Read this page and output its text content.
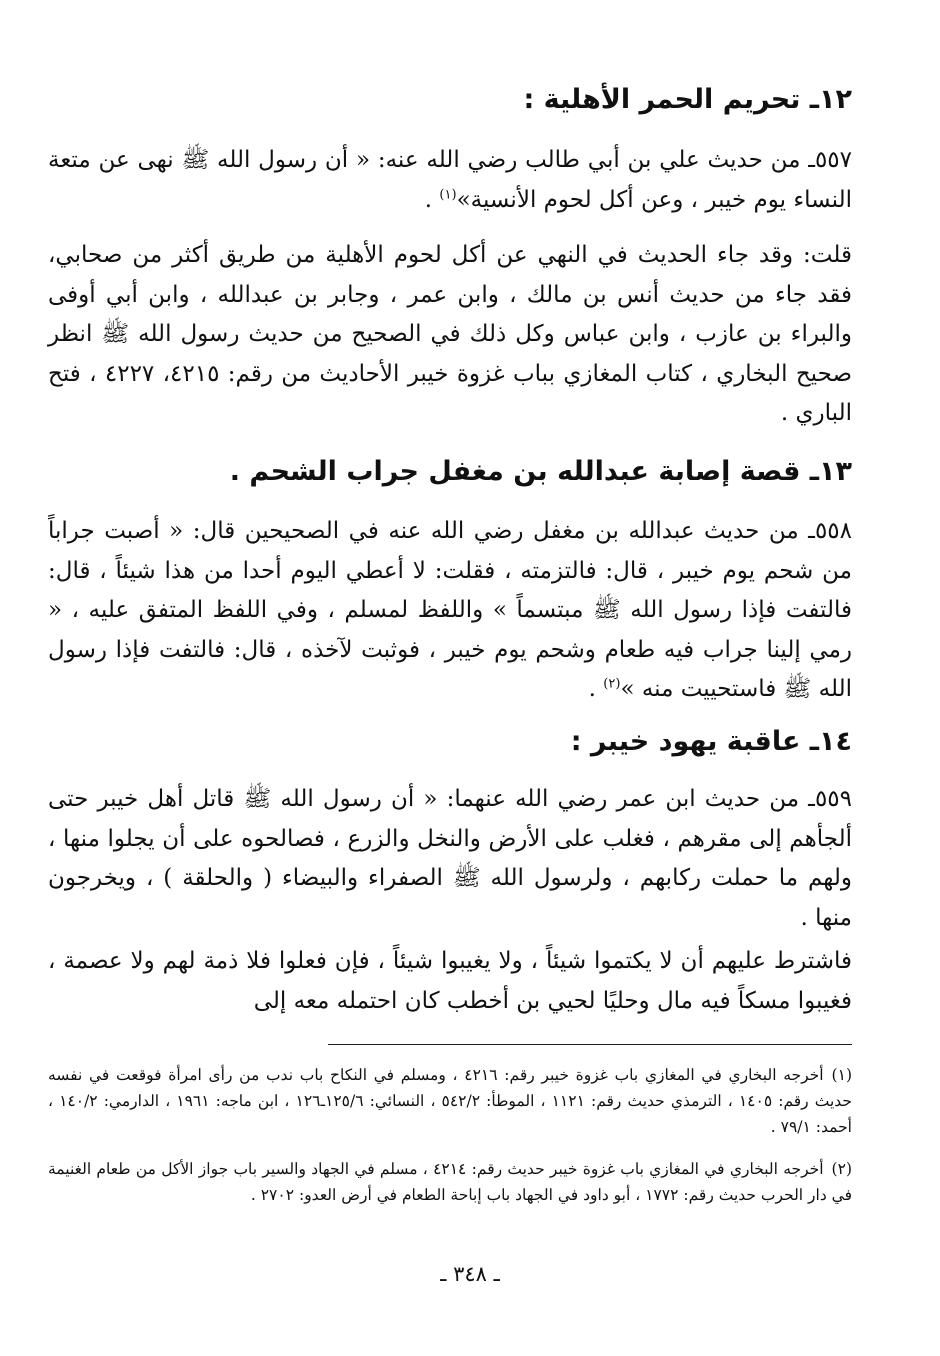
١٢ـ تحريم الحمر الأهلية :
٥٥٧ـ من حديث علي بن أبي طالب رضي الله عنه: « أن رسول الله ﷺ نهى عن متعة النساء يوم خيبر ، وعن أكل لحوم الأنسية»$^{(١)}$ .
قلت: وقد جاء الحديث في النهي عن أكل لحوم الأهلية من طريق أكثر من صحابي، فقد جاء من حديث أنس بن مالك ، وابن عمر ، وجابر بن عبدالله ، وابن أبي أوفى والبراء بن عازب ، وابن عباس وكل ذلك في الصحيح من حديث رسول الله ﷺ انظر صحيح البخاري ، كتاب المغازي بباب غزوة خيبر الأحاديث من رقم: ٤٢١٥، ٤٢٢٧ ، فتح الباري .
١٣ـ قصة إصابة عبدالله بن مغفل جراب الشحم .
٥٥٨ـ من حديث عبدالله بن مغفل رضي الله عنه في الصحيحين قال: « أصبت جراباً من شحم يوم خيبر ، قال: فالتزمته ، فقلت: لا أعطي اليوم أحدا من هذا شيئاً ، قال: فالتفت فإذا رسول الله ﷺ مبتسماً » واللفظ لمسلم ، وفي اللفظ المتفق عليه ، « رمي إلينا جراب فيه طعام وشحم يوم خيبر ، فوثبت لآخذه ، قال: فالتفت فإذا رسول الله ﷺ فاستحييت منه »$^{(٢)}$ .
١٤ـ عاقبة يهود خيبر :
٥٥٩ـ من حديث ابن عمر رضي الله عنهما: « أن رسول الله ﷺ قاتل أهل خيبر حتى ألجأهم إلى مقرهم ، فغلب على الأرض والنخل والزرع ، فصالحوه على أن يجلوا منها ، ولهم ما حملت ركابهم ، ولرسول الله ﷺ الصفراء والبيضاء ( والحلقة ) ، ويخرجون منها .
فاشترط عليهم أن لا يكتموا شيئاً ، ولا يغيبوا شيئاً ، فإن فعلوا فلا ذمة لهم ولا عصمة ، فغيبوا مسكاً فيه مال وحليًا لحيي بن أخطب كان احتمله معه إلى

(١)أخرجه البخاري في المغازي باب غزوة خيبر رقم: ٤٢١٦ ، ومسلم في النكاح باب ندب من رأى امرأة فوقعت في نفسه حديث رقم: ١٤٠٥ ، الترمذي حديث رقم: ١١٢١ ، الموطأ: ٥٤٢/٢ ، النسائي: ١٢٥/٦ـ١٢٦ ، ابن ماجه: ١٩٦١ ، الدارمي: ١٤٠/٢ ، أحمد: ٧٩/١ .

(٢)أخرجه البخاري في المغازي باب غزوة خيبر حديث رقم: ٤٢١٤ ، مسلم في الجهاد والسير باب جواز الأكل من طعام الغنيمة في دار الحرب حديث رقم: ١٧٧٢ ، أبو داود في الجهاد باب إباحة الطعام في أرض العدو: ٢٧٠٢ .

ـ ٣٤٨ ـ
